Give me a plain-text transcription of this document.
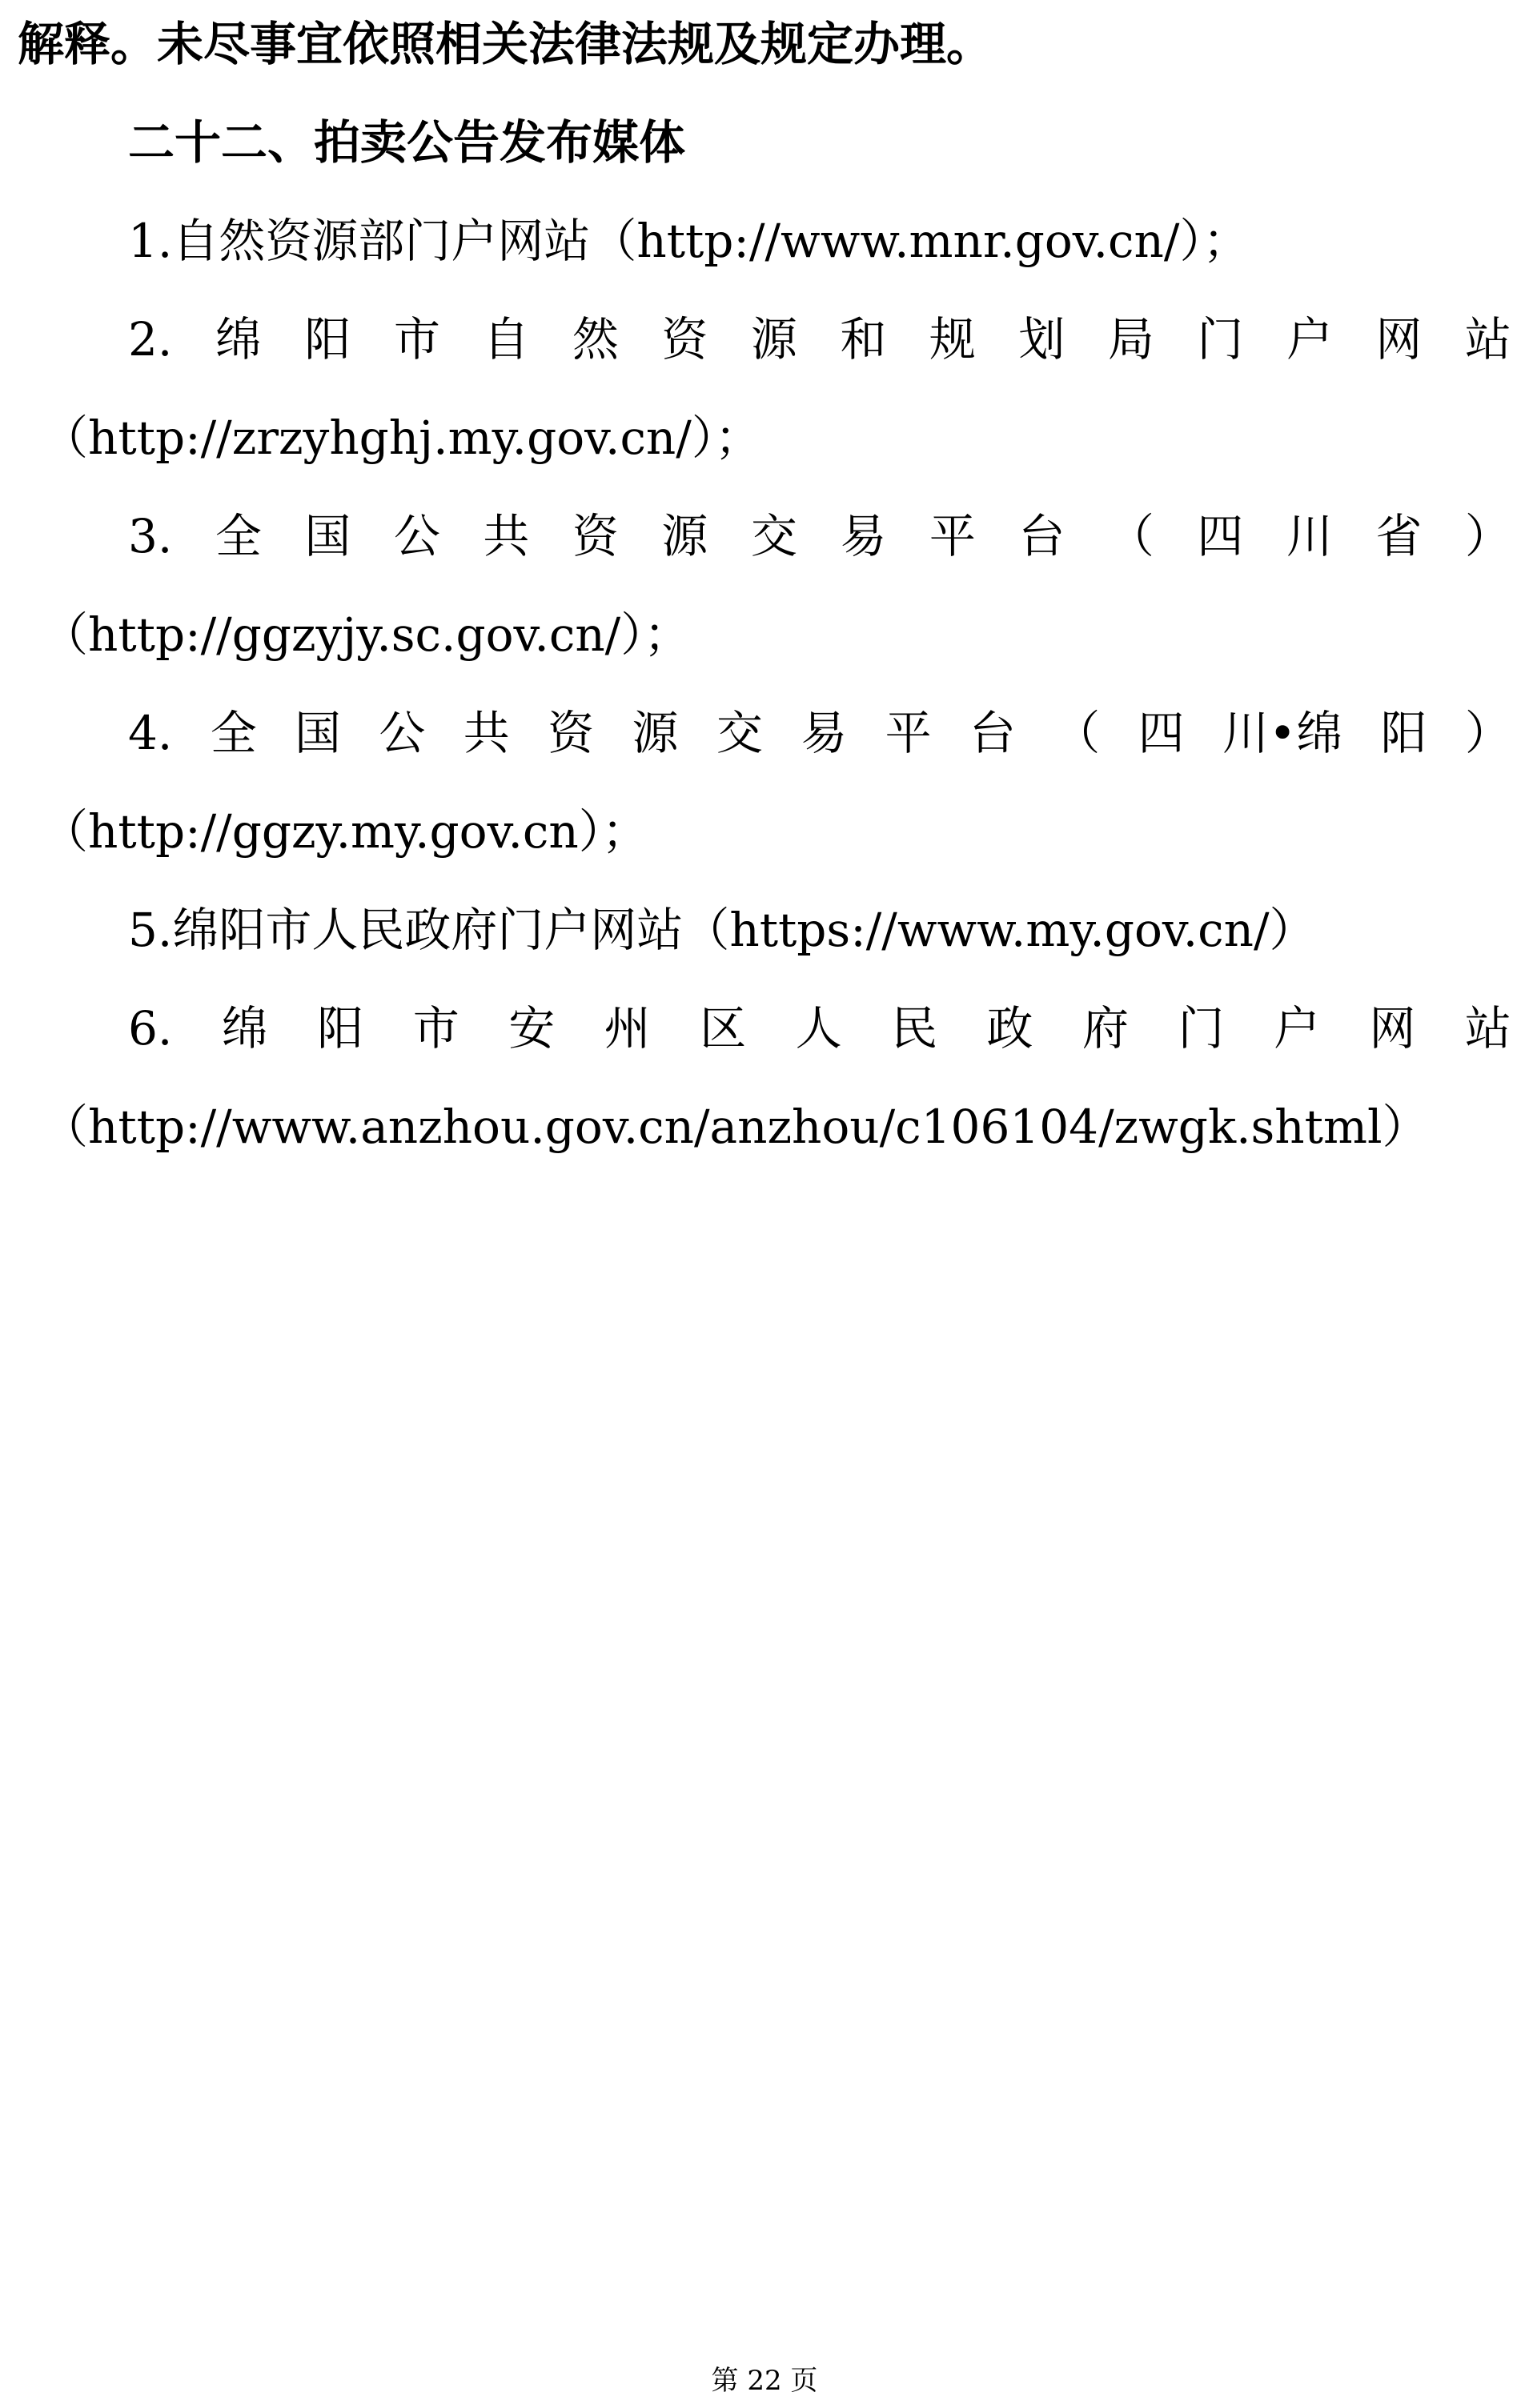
解释。未尽事宜依照相关法律法规及规定办理。

二十二、拍卖公告发布媒体

1.自然资源部门户网站（http://www.mnr.gov.cn/）；

2. 绵 阳 市 自 然 资 源 和 规 划 局 门 户 网 站

（http://zrzyhghj.my.gov.cn/）；

3. 全 国 公 共 资 源 交 易 平 台 （ 四 川 省 ）

（http://ggzyjy.sc.gov.cn/）；

4. 全 国 公 共 资 源 交 易 平 台 （ 四 川•绵 阳 ）

（http://ggzy.my.gov.cn）；

5.绵阳市人民政府门户网站（https://www.my.gov.cn/）

6. 绵 阳 市 安 州 区 人 民 政 府 门 户 网 站

（http://www.anzhou.gov.cn/anzhou/c106104/zwgk.shtml）

第 22 页
